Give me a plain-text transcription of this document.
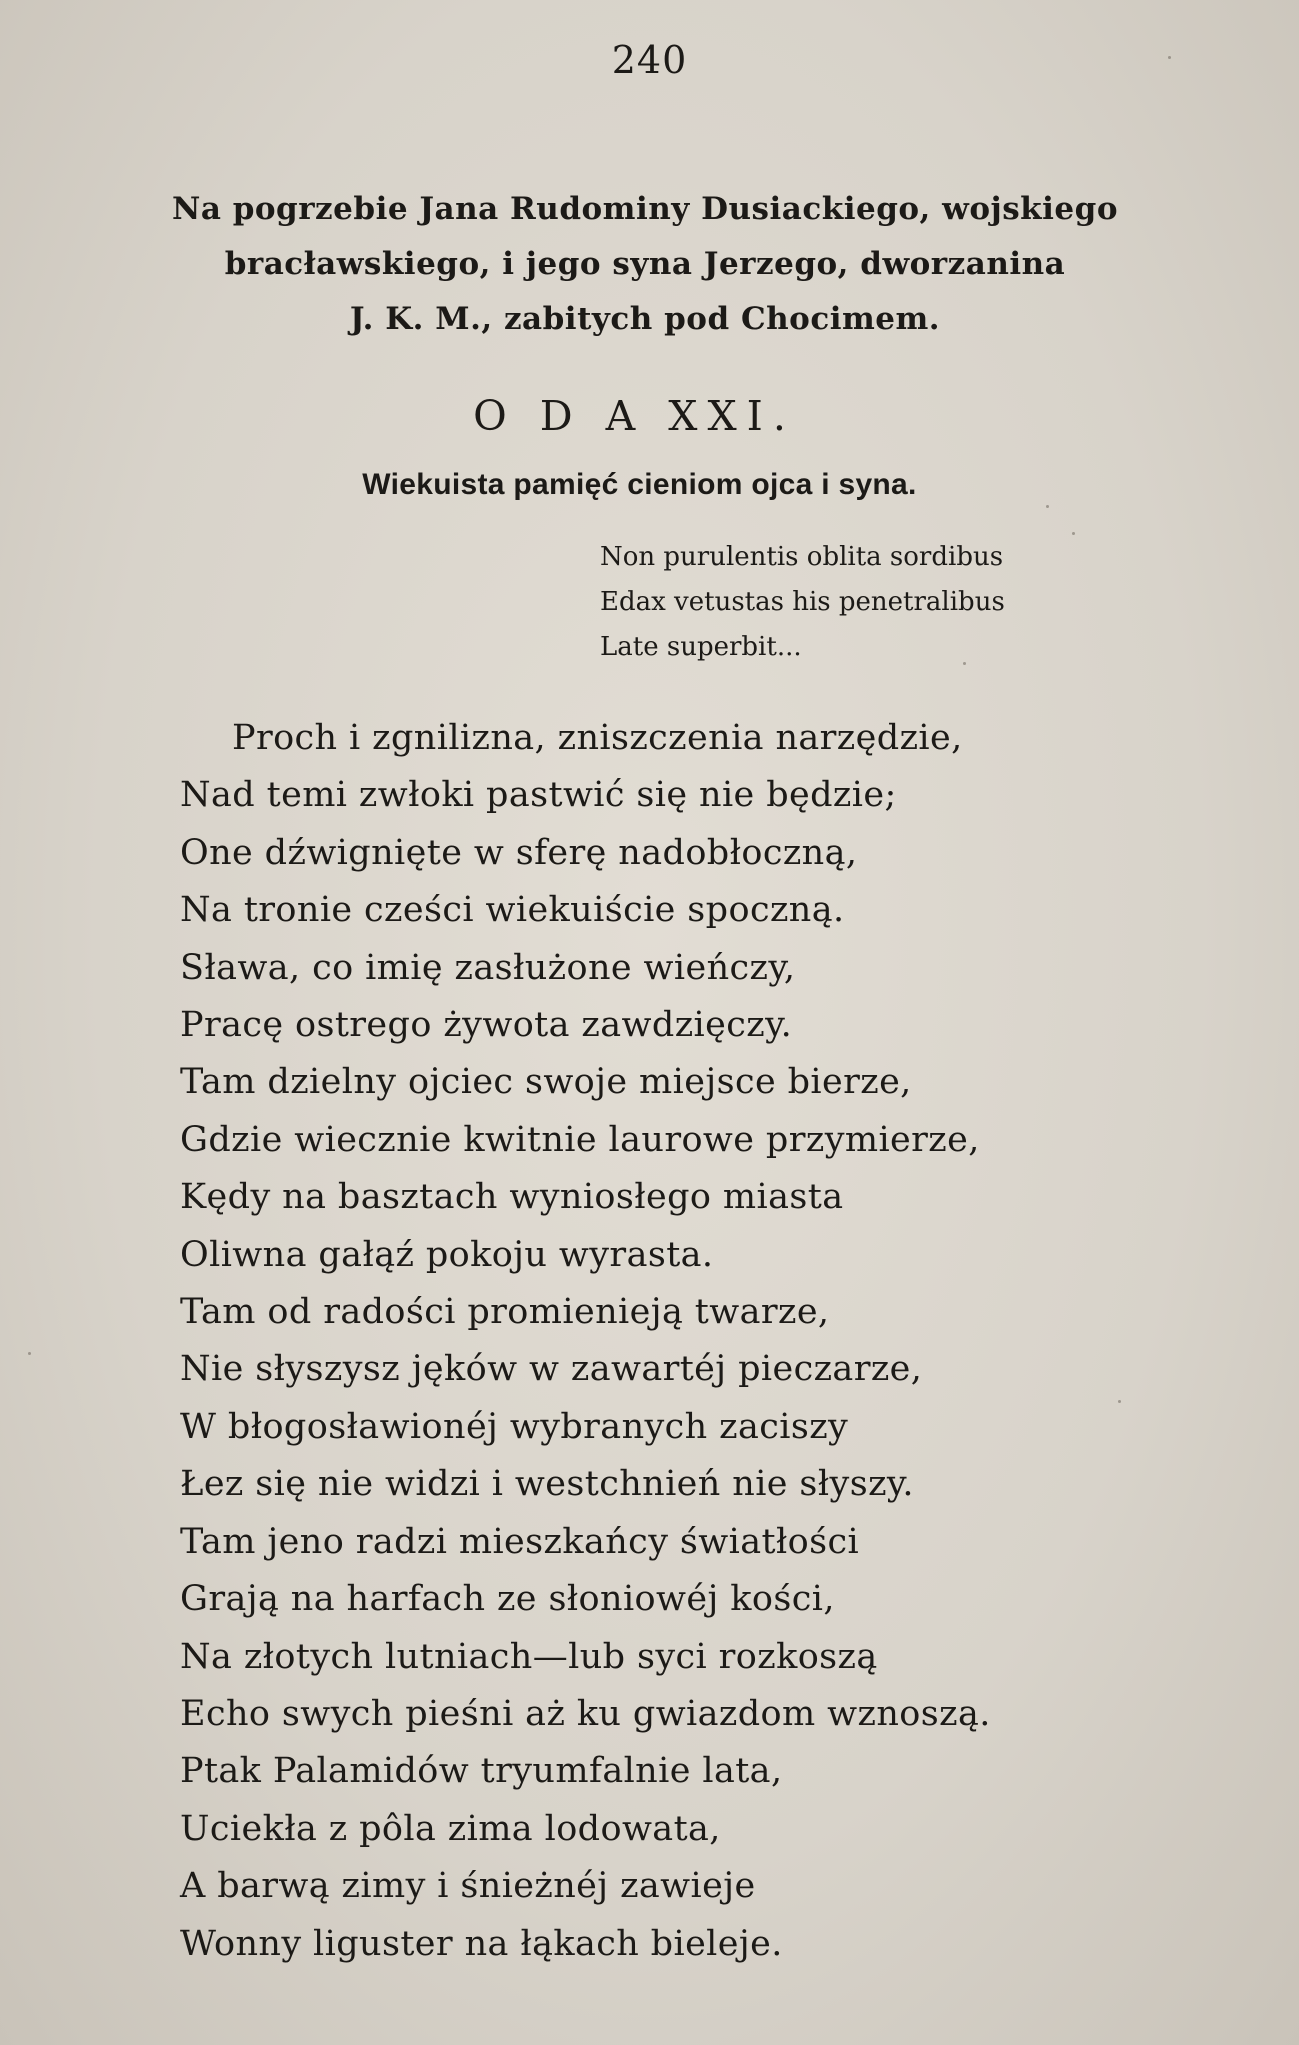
240
Na pogrzebie Jana Rudominy Dusiackiego, wojskiego
bracławskiego, i jego syna Jerzego, dworzanina
J. K. M., zabitych pod Chocimem.
O D A XXI.
Wiekuista pamięć cieniom ojca i syna.
Non purulentis oblita sordibus
Edax vetustas his penetralibus
Late superbit...
Proch i zgnilizna, zniszczenia narzędzie,
Nad temi zwłoki pastwić się nie będzie;
One dźwignięte w sferę nadobłoczną,
Na tronie cześci wiekuiście spoczną.
Sława, co imię zasłużone wieńczy,
Pracę ostrego żywota zawdzięczy.
Tam dzielny ojciec swoje miejsce bierze,
Gdzie wiecznie kwitnie laurowe przymierze,
Kędy na basztach wyniosłego miasta
Oliwna gałąź pokoju wyrasta.
Tam od radości promienieją twarze,
Nie słyszysz jęków w zawartéj pieczarze,
W błogosławionéj wybranych zaciszy
Łez się nie widzi i westchnień nie słyszy.
Tam jeno radzi mieszkańcy światłości
Grają na harfach ze słoniowéj kości,
Na złotych lutniach—lub syci rozkoszą
Echo swych pieśni aż ku gwiazdom wznoszą.
Ptak Palamidów tryumfalnie lata,
Uciekła z pôla zima lodowata,
A barwą zimy i śnieżnéj zawieje
Wonny liguster na łąkach bieleje.
